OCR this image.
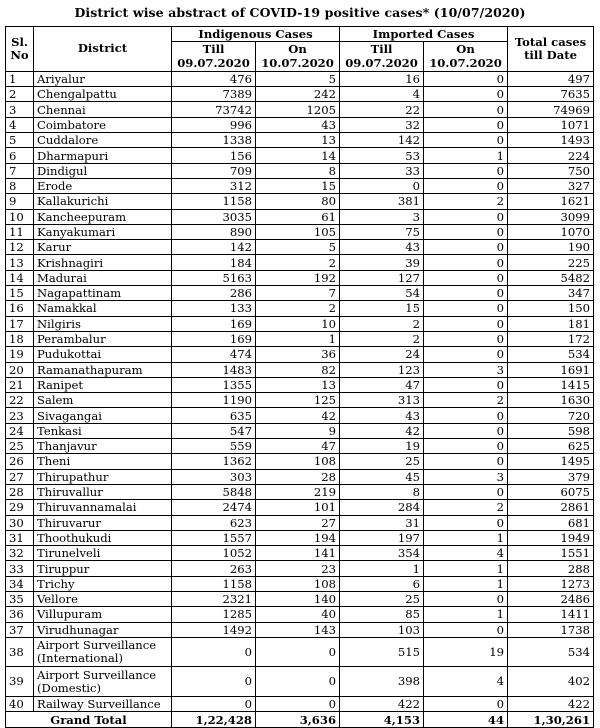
District wise abstract of COVID-19 positive cases* (10/07/2020)
Sl. No	District	Indigenous Cases		Imported Cases		Total cases till Date
		Till	On	Till	On	
		09.07.2020	10.07.2020	09.07.2020	10.07.2020	
1	Ariyalur	476	5	16	0	497
2	Chengalpattu	7389	242	4	0	7635
3	Chennai	73742	1205	22	0	74969
4	Coimbatore	996	43	32	0	1071
5	Cuddalore	1338	13	142	0	1493
6	Dharmapuri	156	14	53	1	224
7	Dindigul	709	8	33	0	750
8	Erode	312	15	0	0	327
9	Kallakurichi	1158	80	381	2	1621
10	Kancheepuram	3035	61	3	0	3099
11	Kanyakumari	890	105	75	0	1070
12	Karur	142	5	43	0	190
13	Krishnagiri	184	2	39	0	225
14	Madurai	5163	192	127	0	5482
15	Nagapattinam	286	7	54	0	347
16	Namakkal	133	2	15	0	150
17	Nilgiris	169	10	2	0	181
18	Perambalur	169	1	2	0	172
19	Pudukottai	474	36	24	0	534
20	Ramanathapuram	1483	82	123	3	1691
21	Ranipet	1355	13	47	0	1415
22	Salem	1190	125	313	2	1630
23	Sivagangai	635	42	43	0	720
24	Tenkasi	547	9	42	0	598
25	Thanjavur	559	47	19	0	625
26	Theni	1362	108	25	0	1495
27	Thirupathur	303	28	45	3	379
28	Thiruvallur	5848	219	8	0	6075
29	Thiruvannamalai	2474	101	284	2	2861
30	Thiruvarur	623	27	31	0	681
31	Thoothukudi	1557	194	197	1	1949
32	Tirunelveli	1052	141	354	4	1551
33	Tiruppur	263	23	1	1	288
34	Trichy	1158	108	6	1	1273
35	Vellore	2321	140	25	0	2486
36	Villupuram	1285	40	85	1	1411
37	Virudhunagar	1492	143	103	0	1738
38	Airport Surveillance (International)	0	0	515	19	534
39	Airport Surveillance (Domestic)	0	0	398	4	402
40	Railway Surveillance	0	0	422	0	422
Grand Total		1,22,428	3,636	4,153	44	1,30,261
